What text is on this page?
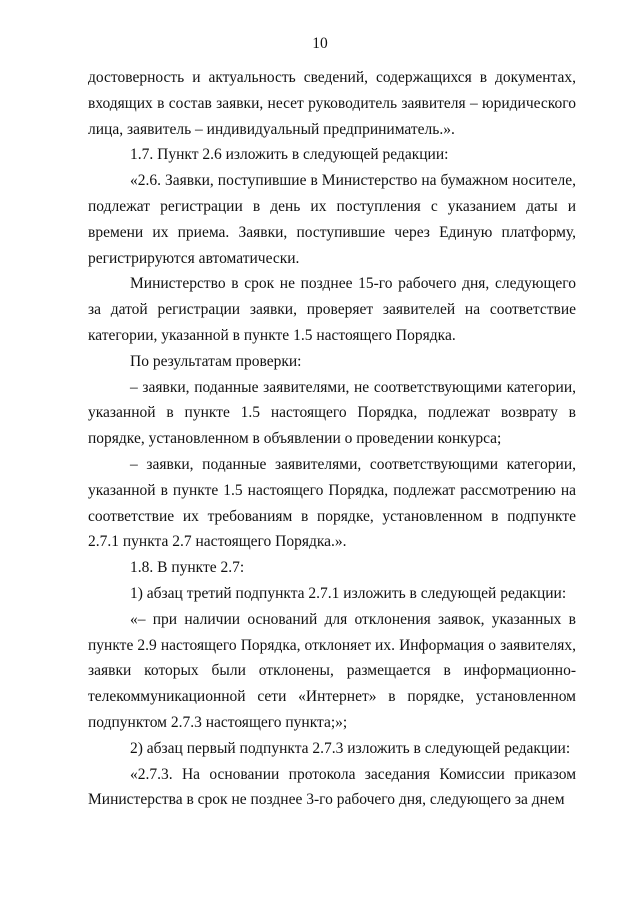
10

достоверность и актуальность сведений, содержащихся в документах, входящих в состав заявки, несет руководитель заявителя – юридического лица, заявитель – индивидуальный предприниматель.».

1.7. Пункт 2.6 изложить в следующей редакции:

«2.6. Заявки, поступившие в Министерство на бумажном носителе, подлежат регистрации в день их поступления с указанием даты и времени их приема. Заявки, поступившие через Единую платформу, регистрируются автоматически.

Министерство в срок не позднее 15-го рабочего дня, следующего за датой регистрации заявки, проверяет заявителей на соответствие категории, указанной в пункте 1.5 настоящего Порядка.

По результатам проверки:

– заявки, поданные заявителями, не соответствующими категории, указанной в пункте 1.5 настоящего Порядка, подлежат возврату в порядке, установленном в объявлении о проведении конкурса;

– заявки, поданные заявителями, соответствующими категории, указанной в пункте 1.5 настоящего Порядка, подлежат рассмотрению на соответствие их требованиям в порядке, установленном в подпункте 2.7.1 пункта 2.7 настоящего Порядка.».

1.8. В пункте 2.7:

1) абзац третий подпункта 2.7.1 изложить в следующей редакции:

«– при наличии оснований для отклонения заявок, указанных в пункте 2.9 настоящего Порядка, отклоняет их. Информация о заявителях, заявки которых были отклонены, размещается в информационно-телекоммуникационной сети «Интернет» в порядке, установленном подпунктом 2.7.3 настоящего пункта;»;

2) абзац первый подпункта 2.7.3 изложить в следующей редакции:

«2.7.3. На основании протокола заседания Комиссии приказом Министерства в срок не позднее 3-го рабочего дня, следующего за днем
